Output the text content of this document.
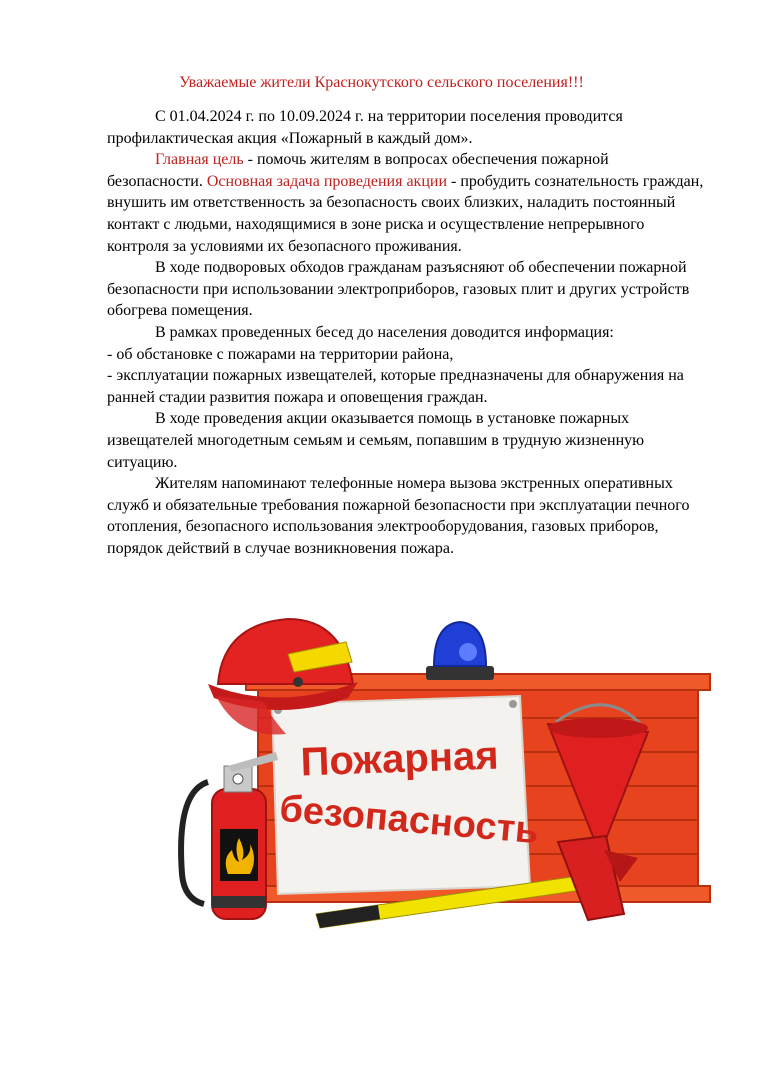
Уважаемые жители Краснокутского сельского поселения!!!

С 01.04.2024 г. по 10.09.2024 г. на территории поселения проводится профилактическая акция «Пожарный в каждый дом».

Главная цель - помочь жителям в вопросах обеспечения пожарной безопасности. Основная задача проведения акции - пробудить сознательность граждан, внушить им ответственность за безопасность своих близких, наладить постоянный контакт с людьми, находящимися в зоне риска и осуществление непрерывного контроля за условиями их безопасного проживания.

В ходе подворовых обходов гражданам разъясняют об обеспечении пожарной безопасности при использовании электроприборов, газовых плит и других устройств обогрева помещения.

В рамках проведенных бесед до населения доводится информация:

- об обстановке с пожарами на территории района,

- эксплуатации пожарных извещателей, которые предназначены для обнаружения на ранней стадии развития пожара и оповещения граждан.

В ходе проведения акции оказывается помощь в установке пожарных извещателей многодетным семьям и семьям, попавшим в трудную жизненную ситуацию.

Жителям напоминают телефонные номера вызова экстренных оперативных служб и обязательные требования пожарной безопасности при эксплуатации печного отопления, безопасного использования электрооборудования, газовых приборов, порядок действий в случае возникновения пожара.

Пожарная
безопасность
